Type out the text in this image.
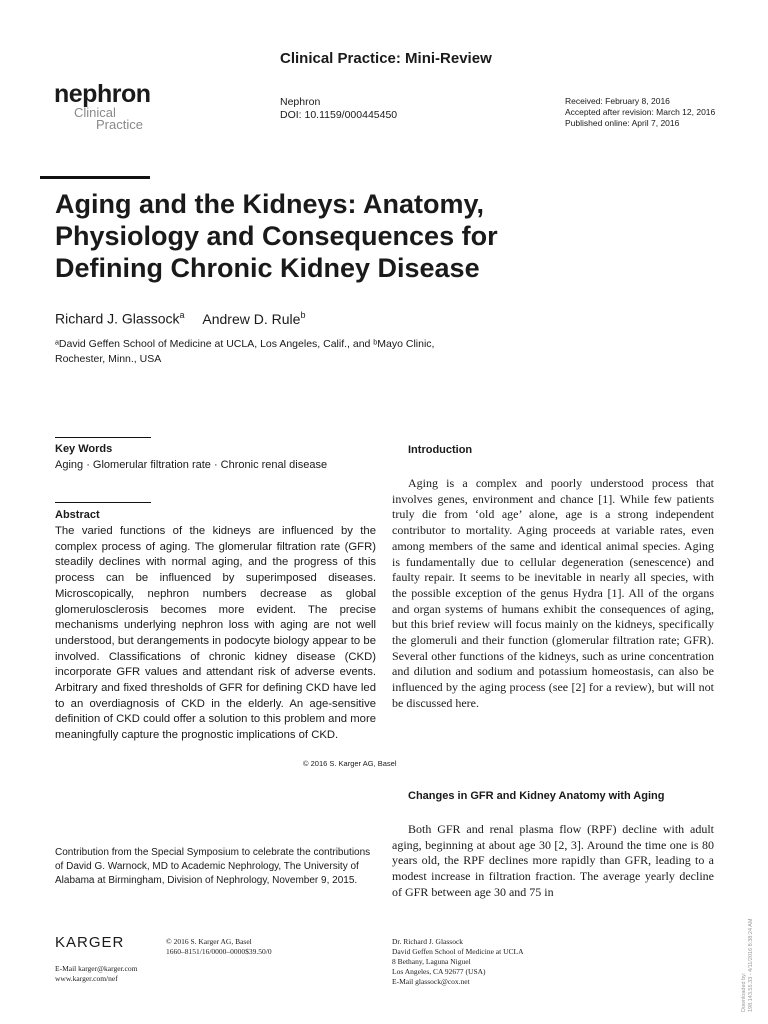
Clinical Practice: Mini-Review
nephron
Clinical
Practice
Nephron
DOI: 10.1159/000445450
Received: February 8, 2016
Accepted after revision: March 12, 2016
Published online: April 7, 2016
Aging and the Kidneys: Anatomy, Physiology and Consequences for Defining Chronic Kidney Disease
Richard J. Glassock$^a$ Andrew D. Rule$^b$
ᵃDavid Geffen School of Medicine at UCLA, Los Angeles, Calif., and ᵇMayo Clinic,
Rochester, Minn., USA
Key Words
Aging · Glomerular filtration rate · Chronic renal disease
Abstract
The varied functions of the kidneys are influenced by the complex process of aging. The glomerular filtration rate (GFR) steadily declines with normal aging, and the progress of this process can be influenced by superimposed diseases. Microscopically, nephron numbers decrease as global glomerulosclerosis becomes more evident. The precise mechanisms underlying nephron loss with aging are not well understood, but derangements in podocyte biology appear to be involved. Classifications of chronic kidney disease (CKD) incorporate GFR values and attendant risk of adverse events. Arbitrary and fixed thresholds of GFR for defining CKD have led to an overdiagnosis of CKD in the elderly. An age-sensitive definition of CKD could offer a solution to this problem and more meaningfully capture the prognostic implications of CKD.
© 2016 S. Karger AG, Basel
Contribution from the Special Symposium to celebrate the contributions of David G. Warnock, MD to Academic Nephrology, The University of Alabama at Birmingham, Division of Nephrology, November 9, 2015.
Introduction
Aging is a complex and poorly understood process that involves genes, environment and chance [1]. While few patients truly die from ‘old age’ alone, age is a strong independent contributor to mortality. Aging proceeds at variable rates, even among members of the same and identical animal species. Aging is fundamentally due to cellular degeneration (senescence) and faulty repair. It seems to be inevitable in nearly all species, with the possible exception of the genus Hydra [1]. All of the organs and organ systems of humans exhibit the consequences of aging, but this brief review will focus mainly on the kidneys, specifically the glomeruli and their function (glomerular filtration rate; GFR). Several other functions of the kidneys, such as urine concentration and dilution and sodium and potassium homeostasis, can also be influenced by the aging process (see [2] for a review), but will not be discussed here.
Changes in GFR and Kidney Anatomy with Aging
Both GFR and renal plasma flow (RPF) decline with adult aging, beginning at about age 30 [2, 3]. Around the time one is 80 years old, the RPF declines more rapidly than GFR, leading to a modest increase in filtration fraction. The average yearly decline of GFR between age 30 and 75 in
KARGER	© 2016 S. Karger AG, Basel
1660–8151/16/0000–0000$39.50/0
E-Mail karger@karger.com
www.karger.com/nef
Dr. Richard J. Glassock
David Geffen School of Medicine at UCLA
8 Bethany, Laguna Niguel
Los Angeles, CA 92677 (USA)
E-Mail glassock@cox.net	Downloaded by: 198.143.55.33 - 4/11/2016 8:38:24 AM
